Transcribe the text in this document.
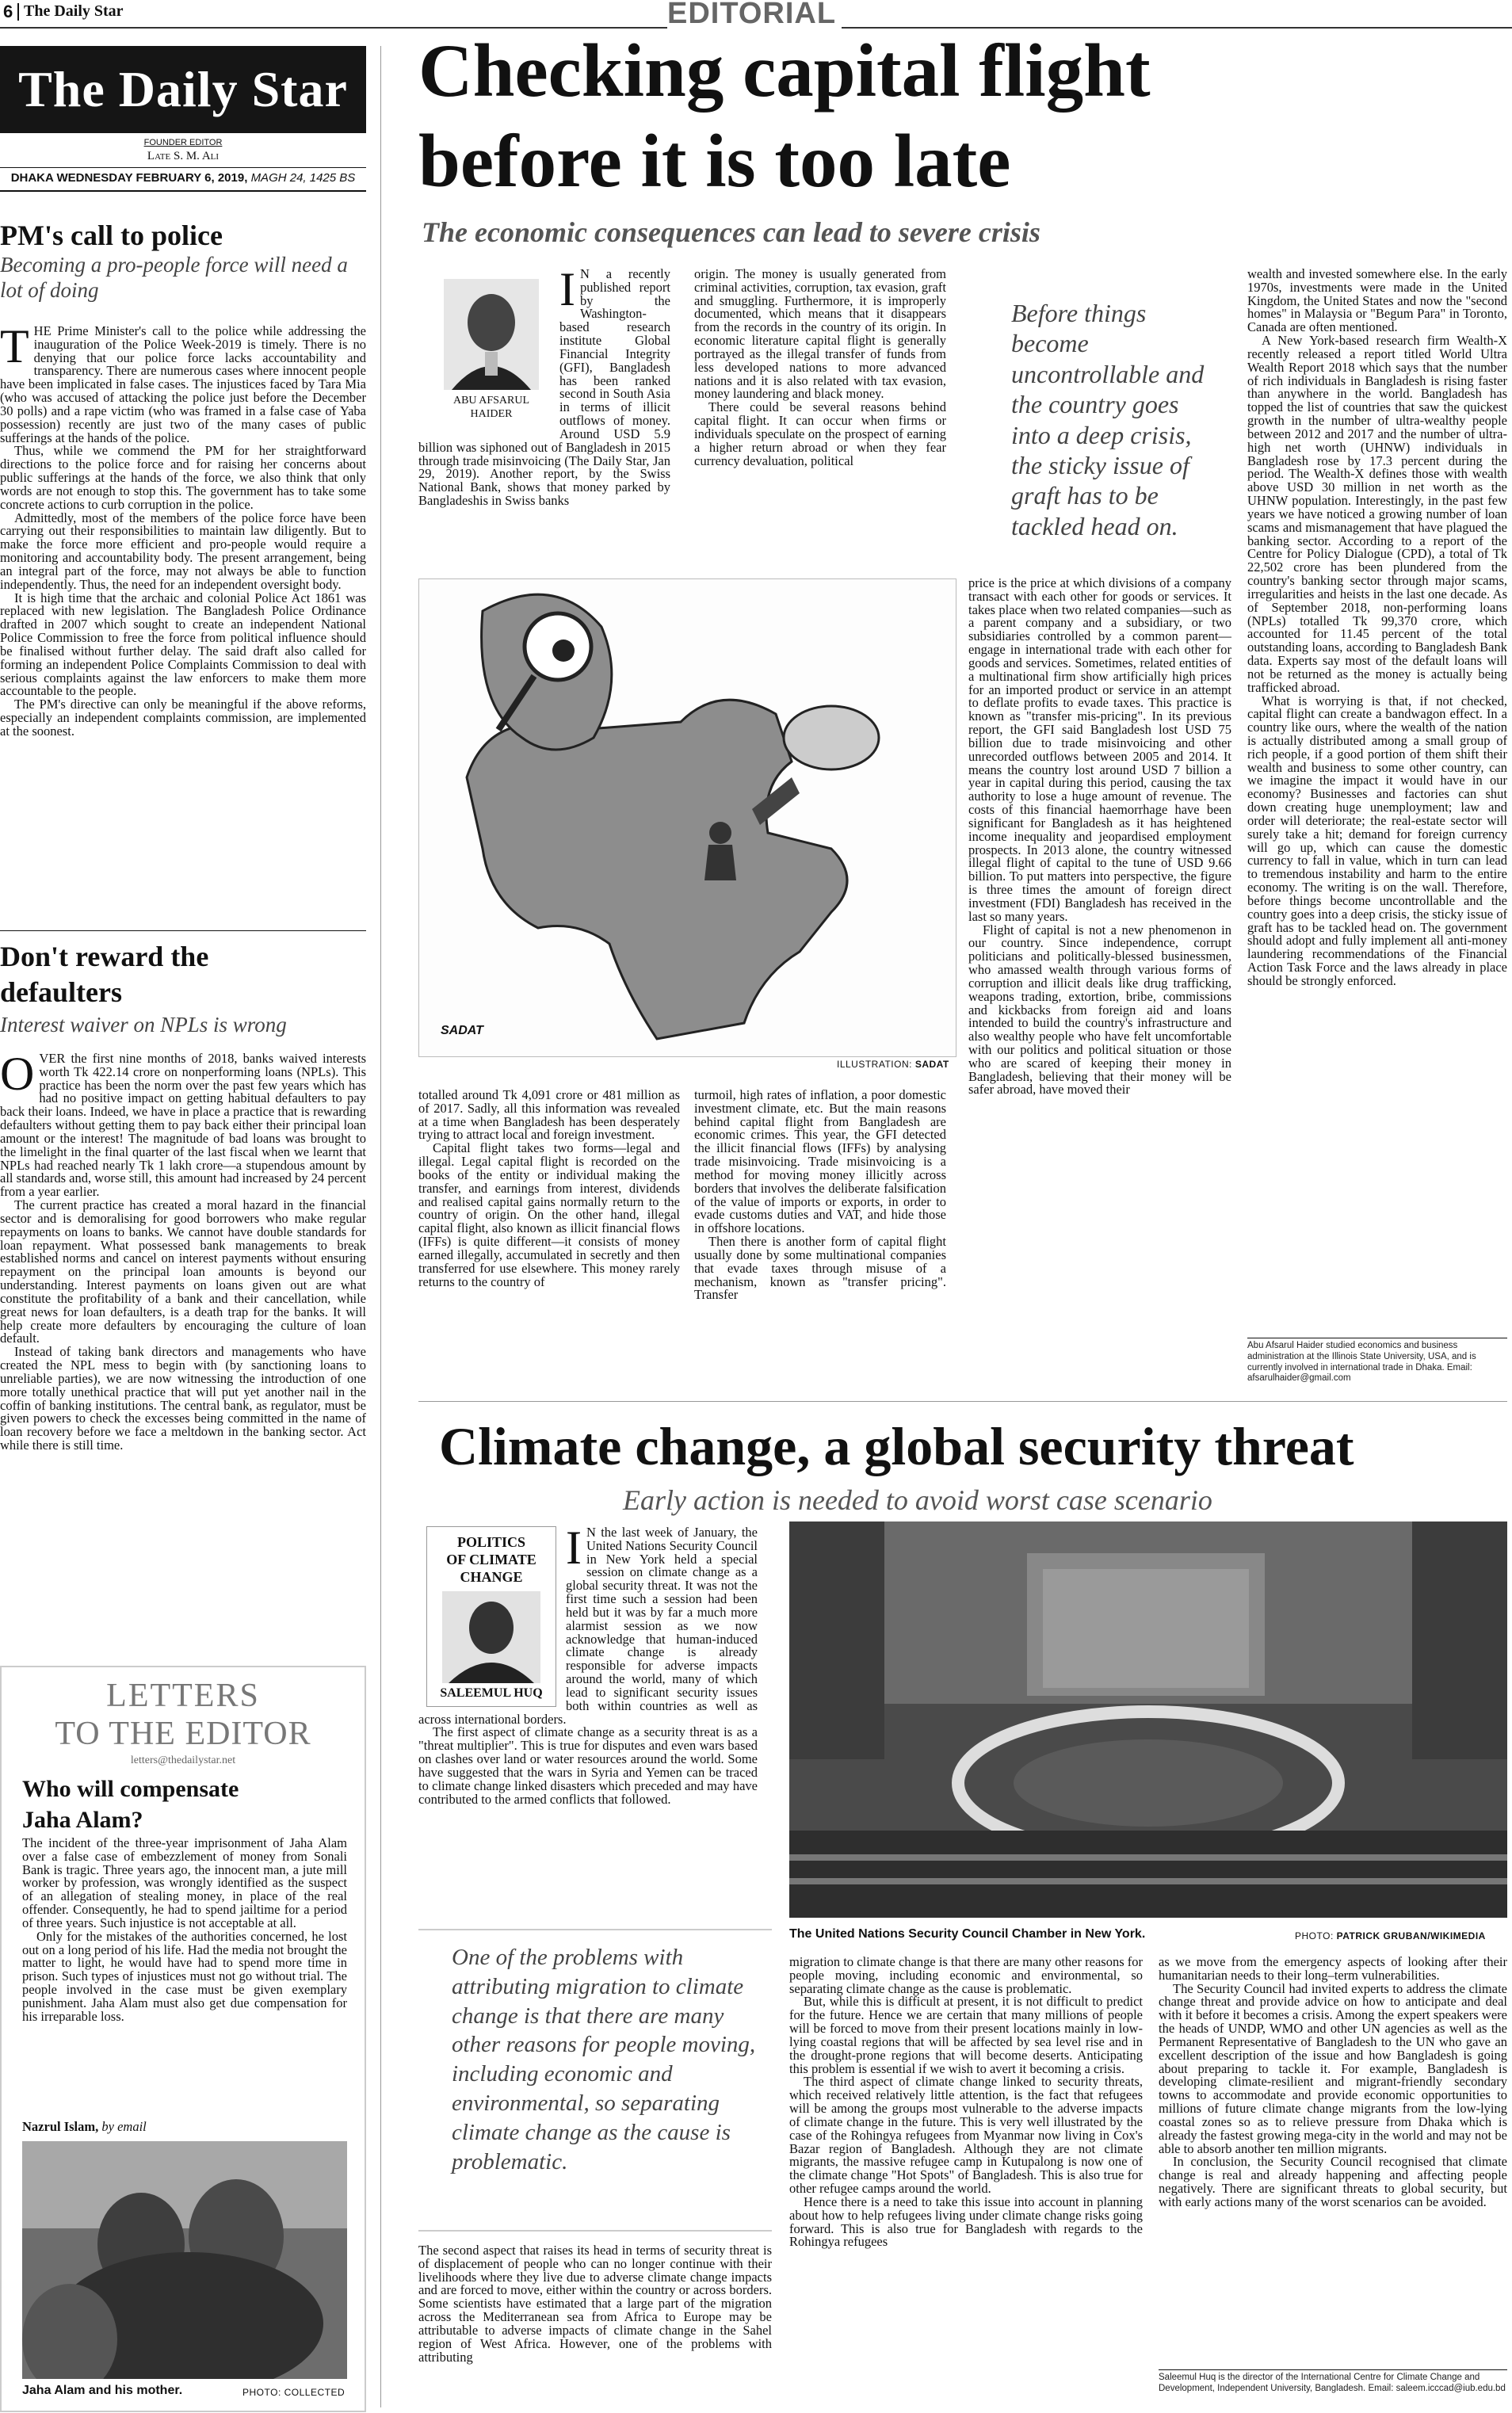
6 The Daily Star	EDITORIAL
The Daily Star
FOUNDER EDITOR
Late S. M. Ali
DHAKA WEDNESDAY FEBRUARY 6, 2019, MAGH 24, 1425 BS
PM's call to police
Becoming a pro-people force will need a lot of doing

THE Prime Minister's call to the police while addressing the inauguration of the Police Week-2019 is timely. There is no denying that our police force lacks accountability and transparency. There are numerous cases where innocent people have been implicated in false cases. The injustices faced by Tara Mia (who was accused of attacking the police just before the December 30 polls) and a rape victim (who was framed in a false case of Yaba possession) recently are just two of the many cases of public sufferings at the hands of the police.

Thus, while we commend the PM for her straightforward directions to the police force and for raising her concerns about public sufferings at the hands of the force, we also think that only words are not enough to stop this. The government has to take some concrete actions to curb corruption in the police.

Admittedly, most of the members of the police force have been carrying out their responsibilities to maintain law diligently. But to make the force more efficient and pro-people would require a monitoring and accountability body. The present arrangement, being an integral part of the force, may not always be able to function independently. Thus, the need for an independent oversight body.

It is high time that the archaic and colonial Police Act 1861 was replaced with new legislation. The Bangladesh Police Ordinance drafted in 2007 which sought to create an independent National Police Commission to free the force from political influence should be finalised without further delay. The said draft also called for forming an independent Police Complaints Commission to deal with serious complaints against the law enforcers to make them more accountable to the people.

The PM's directive can only be meaningful if the above reforms, especially an independent complaints commission, are implemented at the soonest.

Don't reward the defaulters
Interest waiver on NPLs is wrong

OVER the first nine months of 2018, banks waived interests worth Tk 422.14 crore on nonperforming loans (NPLs). This practice has been the norm over the past few years which has had no positive impact on getting habitual defaulters to pay back their loans. Indeed, we have in place a practice that is rewarding defaulters without getting them to pay back either their principal loan amount or the interest! The magnitude of bad loans was brought to the limelight in the final quarter of the last fiscal when we learnt that NPLs had reached nearly Tk 1 lakh crore—a stupendous amount by all standards and, worse still, this amount had increased by 24 percent from a year earlier.

The current practice has created a moral hazard in the financial sector and is demoralising for good borrowers who make regular repayments on loans to banks. We cannot have double standards for loan repayment. What possessed bank managements to break established norms and cancel on interest payments without ensuring repayment on the principal loan amounts is beyond our understanding. Interest payments on loans given out are what constitute the profitability of a bank and their cancellation, while great news for loan defaulters, is a death trap for the banks. It will help create more defaulters by encouraging the culture of loan default.

Instead of taking bank directors and managements who have created the NPL mess to begin with (by sanctioning loans to unreliable parties), we are now witnessing the introduction of one more totally unethical practice that will put yet another nail in the coffin of banking institutions. The central bank, as regulator, must be given powers to check the excesses being committed in the name of loan recovery before we face a meltdown in the banking sector. Act while there is still time.

LETTERS
TO THE EDITOR
letters@thedailystar.net
Who will compensate Jaha Alam?

The incident of the three-year imprisonment of Jaha Alam over a false case of embezzlement of money from Sonali Bank is tragic. Three years ago, the innocent man, a jute mill worker by profession, was wrongly identified as the suspect of an allegation of stealing money, in place of the real offender. Consequently, he had to spend jailtime for a period of three years. Such injustice is not acceptable at all.

Only for the mistakes of the authorities concerned, he lost out on a long period of his life. Had the media not brought the matter to light, he would have had to spend more time in prison. Such types of injustices must not go without trial. The people involved in the case must be given exemplary punishment. Jaha Alam must also get due compensation for his irreparable loss.

Nazrul Islam, by email
Jaha Alam and his mother.	PHOTO: COLLECTED
Checking capital flight
before it is too late
The economic consequences can lead to severe crisis
ABU AFSARUL HAIDER

IN a recently published report by the Washington-based research institute Global Financial Integrity (GFI), Bangladesh has been ranked second in South Asia in terms of illicit outflows of money. Around USD 5.9 billion was siphoned out of Bangladesh in 2015 through trade misinvoicing (The Daily Star, Jan 29, 2019). Another report, by the Swiss National Bank, shows that money parked by Bangladeshis in Swiss banks

origin. The money is usually generated from criminal activities, corruption, tax evasion, graft and smuggling. Furthermore, it is improperly documented, which means that it disappears from the records in the country of its origin. In economic literature capital flight is generally portrayed as the illegal transfer of funds from less developed nations to more advanced nations and it is also related with tax evasion, money laundering and black money.

There could be several reasons behind capital flight. It can occur when firms or individuals speculate on the prospect of earning a higher return abroad or when they fear currency devaluation, political

Before things become uncontrollable and the country goes into a deep crisis, the sticky issue of graft has to be tackled head on.
SADAT
ILLUSTRATION: SADAT

totalled around Tk 4,091 crore or 481 million as of 2017. Sadly, all this information was revealed at a time when Bangladesh has been desperately trying to attract local and foreign investment.

Capital flight takes two forms—legal and illegal. Legal capital flight is recorded on the books of the entity or individual making the transfer, and earnings from interest, dividends and realised capital gains normally return to the country of origin. On the other hand, illegal capital flight, also known as illicit financial flows (IFFs) is quite different—it consists of money earned illegally, accumulated in secretly and then transferred for use elsewhere. This money rarely returns to the country of

turmoil, high rates of inflation, a poor domestic investment climate, etc. But the main reasons behind capital flight from Bangladesh are economic crimes. This year, the GFI detected the illicit financial flows (IFFs) by analysing trade misinvoicing. Trade misinvoicing is a method for moving money illicitly across borders that involves the deliberate falsification of the value of imports or exports, in order to evade customs duties and VAT, and hide those in offshore locations.

Then there is another form of capital flight usually done by some multinational companies that evade taxes through misuse of a mechanism, known as "transfer pricing". Transfer

price is the price at which divisions of a company transact with each other for goods or services. It takes place when two related companies—such as a parent company and a subsidiary, or two subsidiaries controlled by a common parent—engage in international trade with each other for goods and services. Sometimes, related entities of a multinational firm show artificially high prices for an imported product or service in an attempt to deflate profits to evade taxes. This practice is known as "transfer mis-pricing". In its previous report, the GFI said Bangladesh lost USD 75 billion due to trade misinvoicing and other unrecorded outflows between 2005 and 2014. It means the country lost around USD 7 billion a year in capital during this period, causing the tax authority to lose a huge amount of revenue. The costs of this financial haemorrhage have been significant for Bangladesh as it has heightened income inequality and jeopardised employment prospects. In 2013 alone, the country witnessed illegal flight of capital to the tune of USD 9.66 billion. To put matters into perspective, the figure is three times the amount of foreign direct investment (FDI) Bangladesh has received in the last so many years.

Flight of capital is not a new phenomenon in our country. Since independence, corrupt politicians and politically-blessed businessmen, who amassed wealth through various forms of corruption and illicit deals like drug trafficking, weapons trading, extortion, bribe, commissions and kickbacks from foreign aid and loans intended to build the country's infrastructure and also wealthy people who have felt uncomfortable with our politics and political situation or those who are scared of keeping their money in Bangladesh, believing that their money will be safer abroad, have moved their

wealth and invested somewhere else. In the early 1970s, investments were made in the United Kingdom, the United States and now the "second homes" in Malaysia or "Begum Para" in Toronto, Canada are often mentioned.

A New York-based research firm Wealth-X recently released a report titled World Ultra Wealth Report 2018 which says that the number of rich individuals in Bangladesh is rising faster than anywhere in the world. Bangladesh has topped the list of countries that saw the quickest growth in the number of ultra-wealthy people between 2012 and 2017 and the number of ultra-high net worth (UHNW) individuals in Bangladesh rose by 17.3 percent during the period. The Wealth-X defines those with wealth above USD 30 million in net worth as the UHNW population. Interestingly, in the past few years we have noticed a growing number of loan scams and mismanagement that have plagued the banking sector. According to a report of the Centre for Policy Dialogue (CPD), a total of Tk 22,502 crore has been plundered from the country's banking sector through major scams, irregularities and heists in the last one decade. As of September 2018, non-performing loans (NPLs) totalled Tk 99,370 crore, which accounted for 11.45 percent of the total outstanding loans, according to Bangladesh Bank data. Experts say most of the default loans will not be returned as the money is actually being trafficked abroad.

What is worrying is that, if not checked, capital flight can create a bandwagon effect. In a country like ours, where the wealth of the nation is actually distributed among a small group of rich people, if a good portion of them shift their wealth and business to some other country, can we imagine the impact it would have in our economy? Businesses and factories can shut down creating huge unemployment; law and order will deteriorate; the real-estate sector will surely take a hit; demand for foreign currency will go up, which can cause the domestic currency to fall in value, which in turn can lead to tremendous instability and harm to the entire economy. The writing is on the wall. Therefore, before things become uncontrollable and the country goes into a deep crisis, the sticky issue of graft has to be tackled head on. The government should adopt and fully implement all anti-money laundering recommendations of the Financial Action Task Force and the laws already in place should be strongly enforced.

Abu Afsarul Haider studied economics and business administration at the Illinois State University, USA, and is currently involved in international trade in Dhaka. Email: afsarulhaider@gmail.com
Climate change, a global security threat
Early action is needed to avoid worst case scenario
POLITICS
OF CLIMATE
CHANGE
SALEEMUL HUQ

IN the last week of January, the United Nations Security Council in New York held a special session on climate change as a global security threat. It was not the first time such a session had been held but it was by far a much more alarmist session as we now acknowledge that human-induced climate change is already responsible for adverse impacts around the world, many of which lead to significant security issues both within countries as well as across international borders.

The first aspect of climate change as a security threat is as a "threat multiplier". This is true for disputes and even wars based on clashes over land or water resources around the world. Some have suggested that the wars in Syria and Yemen can be traced to climate change linked disasters which preceded and may have contributed to the armed conflicts that followed.

The United Nations Security Council Chamber in New York.	PHOTO: PATRICK GRUBAN/WIKIMEDIA
One of the problems with attributing migration to climate change is that there are many other reasons for people moving, including economic and environmental, so separating climate change as the cause is problematic.

The second aspect that raises its head in terms of security threat is of displacement of people who can no longer continue with their livelihoods where they live due to adverse climate change impacts and are forced to move, either within the country or across borders. Some scientists have estimated that a large part of the migration across the Mediterranean sea from Africa to Europe may be attributable to adverse impacts of climate change in the Sahel region of West Africa. However, one of the problems with attributing

migration to climate change is that there are many other reasons for people moving, including economic and environmental, so separating climate change as the cause is problematic.

But, while this is difficult at present, it is not difficult to predict for the future. Hence we are certain that many millions of people will be forced to move from their present locations mainly in low-lying coastal regions that will be affected by sea level rise and in the drought-prone regions that will become deserts. Anticipating this problem is essential if we wish to avert it becoming a crisis.

The third aspect of climate change linked to security threats, which received relatively little attention, is the fact that refugees will be among the groups most vulnerable to the adverse impacts of climate change in the future. This is very well illustrated by the case of the Rohingya refugees from Myanmar now living in Cox's Bazar region of Bangladesh. Although they are not climate migrants, the massive refugee camp in Kutupalong is now one of the climate change "Hot Spots" of Bangladesh. This is also true for other refugee camps around the world.

Hence there is a need to take this issue into account in planning about how to help refugees living under climate change risks going forward. This is also true for Bangladesh with regards to the Rohingya refugees

as we move from the emergency aspects of looking after their humanitarian needs to their long–term vulnerabilities.

The Security Council had invited experts to address the climate change threat and provide advice on how to anticipate and deal with it before it becomes a crisis. Among the expert speakers were the heads of UNDP, WMO and other UN agencies as well as the Permanent Representative of Bangladesh to the UN who gave an excellent description of the issue and how Bangladesh is going about preparing to tackle it. For example, Bangladesh is developing climate-resilient and migrant-friendly secondary towns to accommodate and provide economic opportunities to millions of future climate change migrants from the low-lying coastal zones so as to relieve pressure from Dhaka which is already the fastest growing mega-city in the world and may not be able to absorb another ten million migrants.

In conclusion, the Security Council recognised that climate change is real and already happening and affecting people negatively. There are significant threats to global security, but with early actions many of the worst scenarios can be avoided.

Saleemul Huq is the director of the International Centre for Climate Change and Development, Independent University, Bangladesh. Email: saleem.icccad@iub.edu.bd
